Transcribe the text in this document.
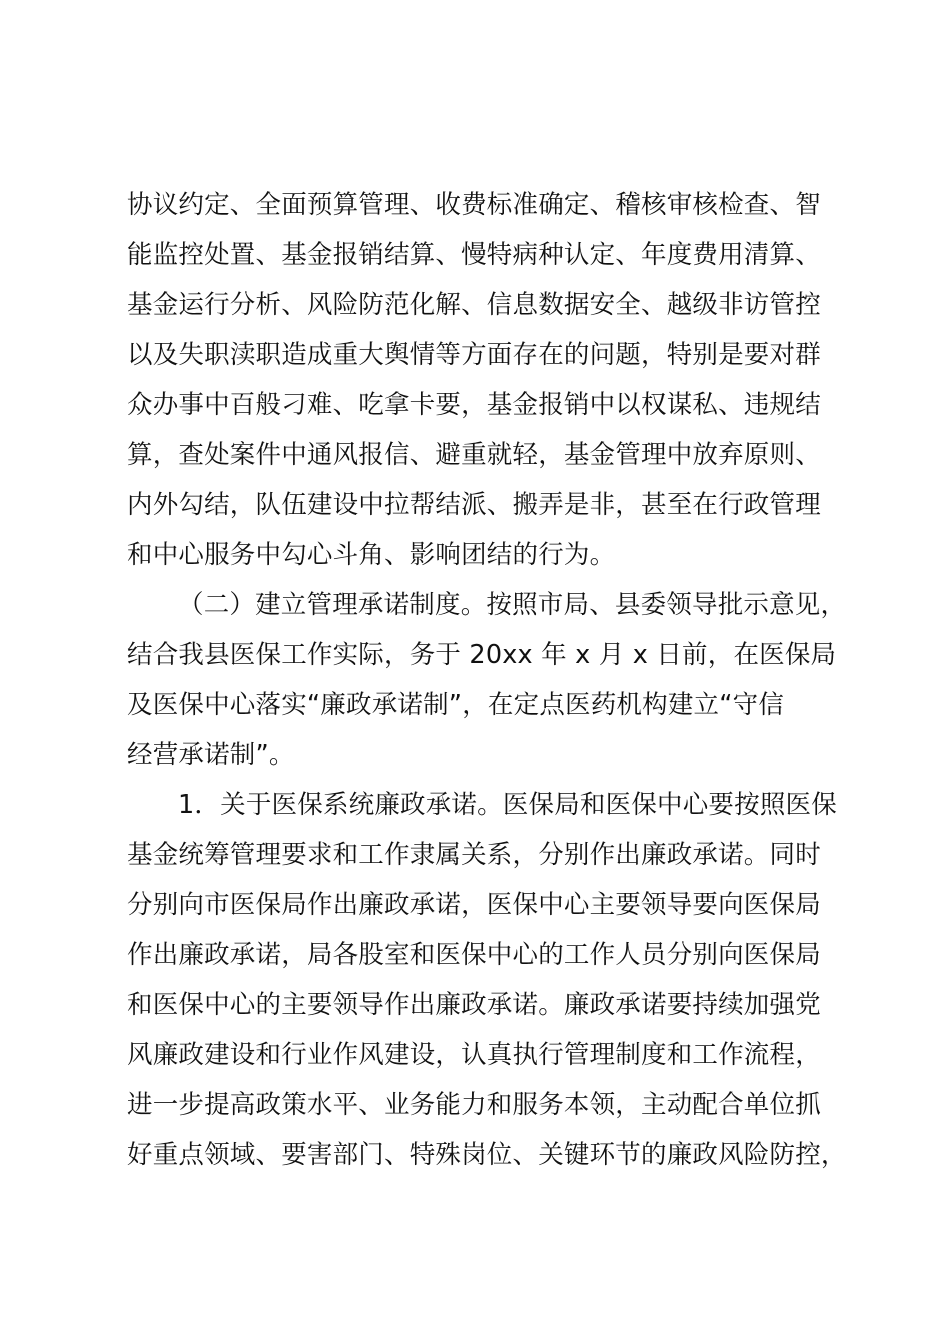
协议约定、全面预算管理、收费标准确定、稽核审核检查、智
能监控处置、基金报销结算、慢特病种认定、年度费用清算、
基金运行分析、风险防范化解、信息数据安全、越级非访管控
以及失职渎职造成重大舆情等方面存在的问题，特别是要对群
众办事中百般刁难、吃拿卡要，基金报销中以权谋私、违规结
算，查处案件中通风报信、避重就轻，基金管理中放弃原则、
内外勾结，队伍建设中拉帮结派、搬弄是非，甚至在行政管理
和中心服务中勾心斗角、影响团结的行为。
（二）建立管理承诺制度。按照市局、县委领导批示意见，
结合我县医保工作实际，务于 20xx 年 x 月 x 日前，在医保局
及医保中心落实“廉政承诺制”，在定点医药机构建立“守信
经营承诺制”。
1．关于医保系统廉政承诺。医保局和医保中心要按照医保
基金统筹管理要求和工作隶属关系，分别作出廉政承诺。同时
分别向市医保局作出廉政承诺，医保中心主要领导要向医保局
作出廉政承诺，局各股室和医保中心的工作人员分别向医保局
和医保中心的主要领导作出廉政承诺。廉政承诺要持续加强党
风廉政建设和行业作风建设，认真执行管理制度和工作流程，
进一步提高政策水平、业务能力和服务本领，主动配合单位抓
好重点领域、要害部门、特殊岗位、关键环节的廉政风险防控，
